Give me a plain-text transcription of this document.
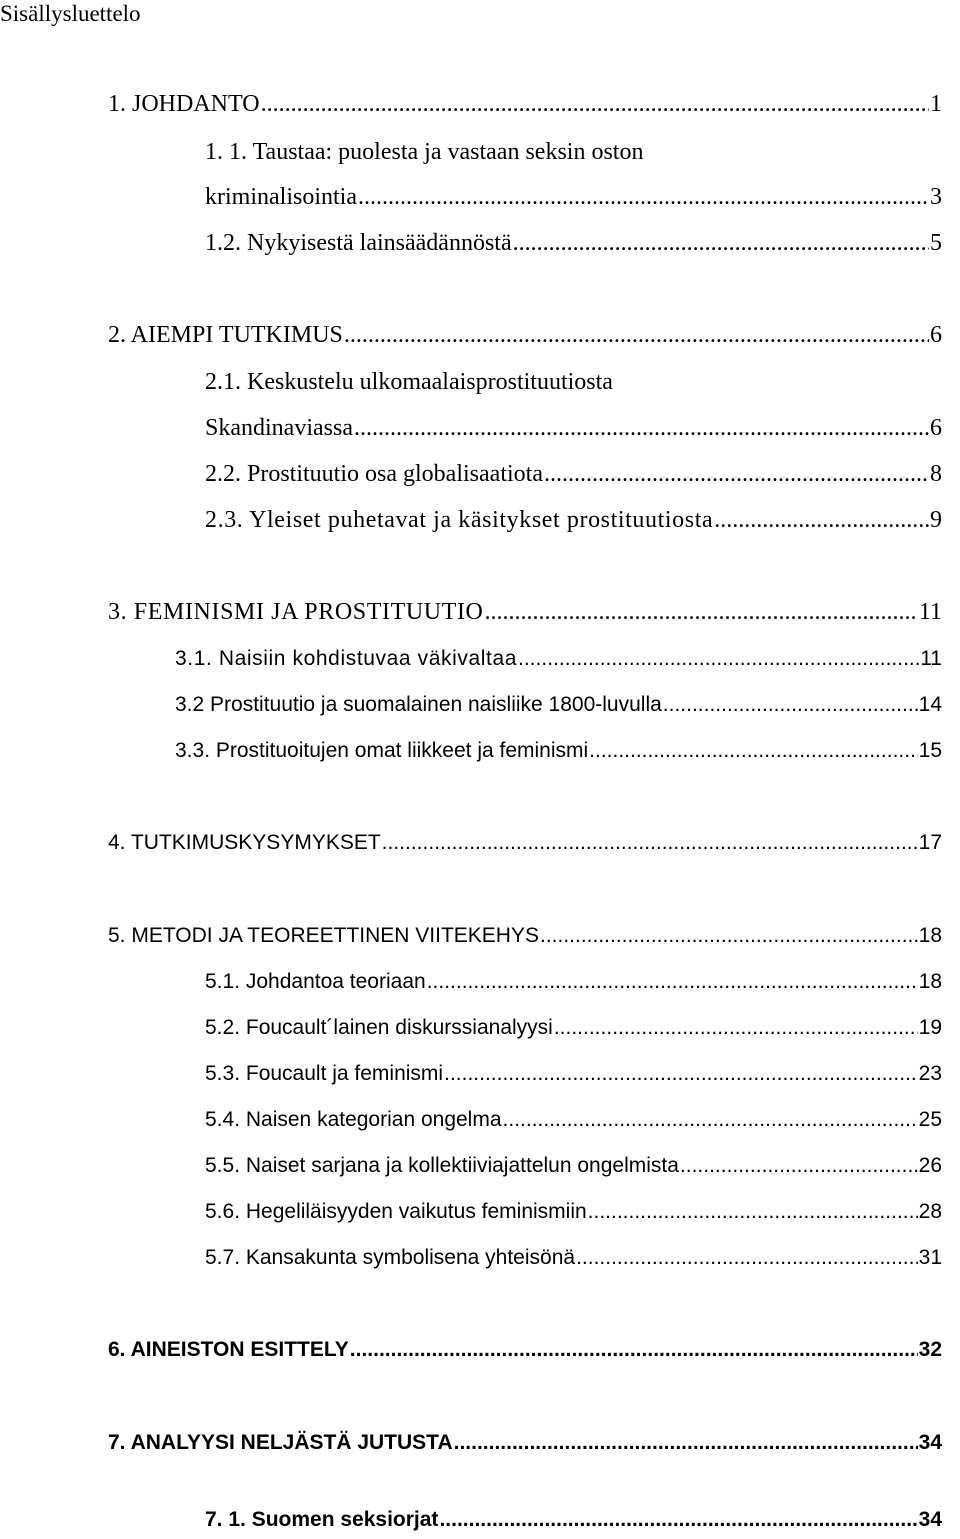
Sisällysluettelo
1. JOHDANTO .....	1
1. 1. Taustaa: puolesta ja vastaan seksin oston
kriminalisointia .....	3
1.2. Nykyisestä lainsäädännöstä .....	5
2. AIEMPI TUTKIMUS .....	6
2.1. Keskustelu ulkomaalaisprostituutiosta
Skandinaviassa .....	6
2.2. Prostituutio osa globalisaatiota .....	8
2.3. Yleiset puhetavat ja käsitykset prostituutiosta .....	9
3. FEMINISMI JA PROSTITUUTIO .....	11
3.1. Naisiin kohdistuvaa väkivaltaa .....	11
3.2 Prostituutio ja suomalainen naisliike 1800-luvulla .....	14
3.3. Prostituoitujen omat liikkeet ja feminismi .....	15
4. TUTKIMUSKYSYMYKSET .....	17
5. METODI JA TEOREETTINEN VIITEKEHYS .....	18
5.1. Johdantoa teoriaan .....	18
5.2. Foucault´lainen diskurssianalyysi .....	19
5.3. Foucault ja feminismi .....	23
5.4. Naisen kategorian ongelma .....	25
5.5. Naiset sarjana ja kollektiiviajattelun ongelmista .....	26
5.6. Hegeliläisyyden vaikutus feminismiin .....	28
5.7. Kansakunta symbolisena yhteisönä .....	31
6. AINEISTON ESITTELY .....	32
7. ANALYYSI NELJÄSTÄ JUTUSTA .....	34
7. 1. Suomen seksiorjat .....	34
